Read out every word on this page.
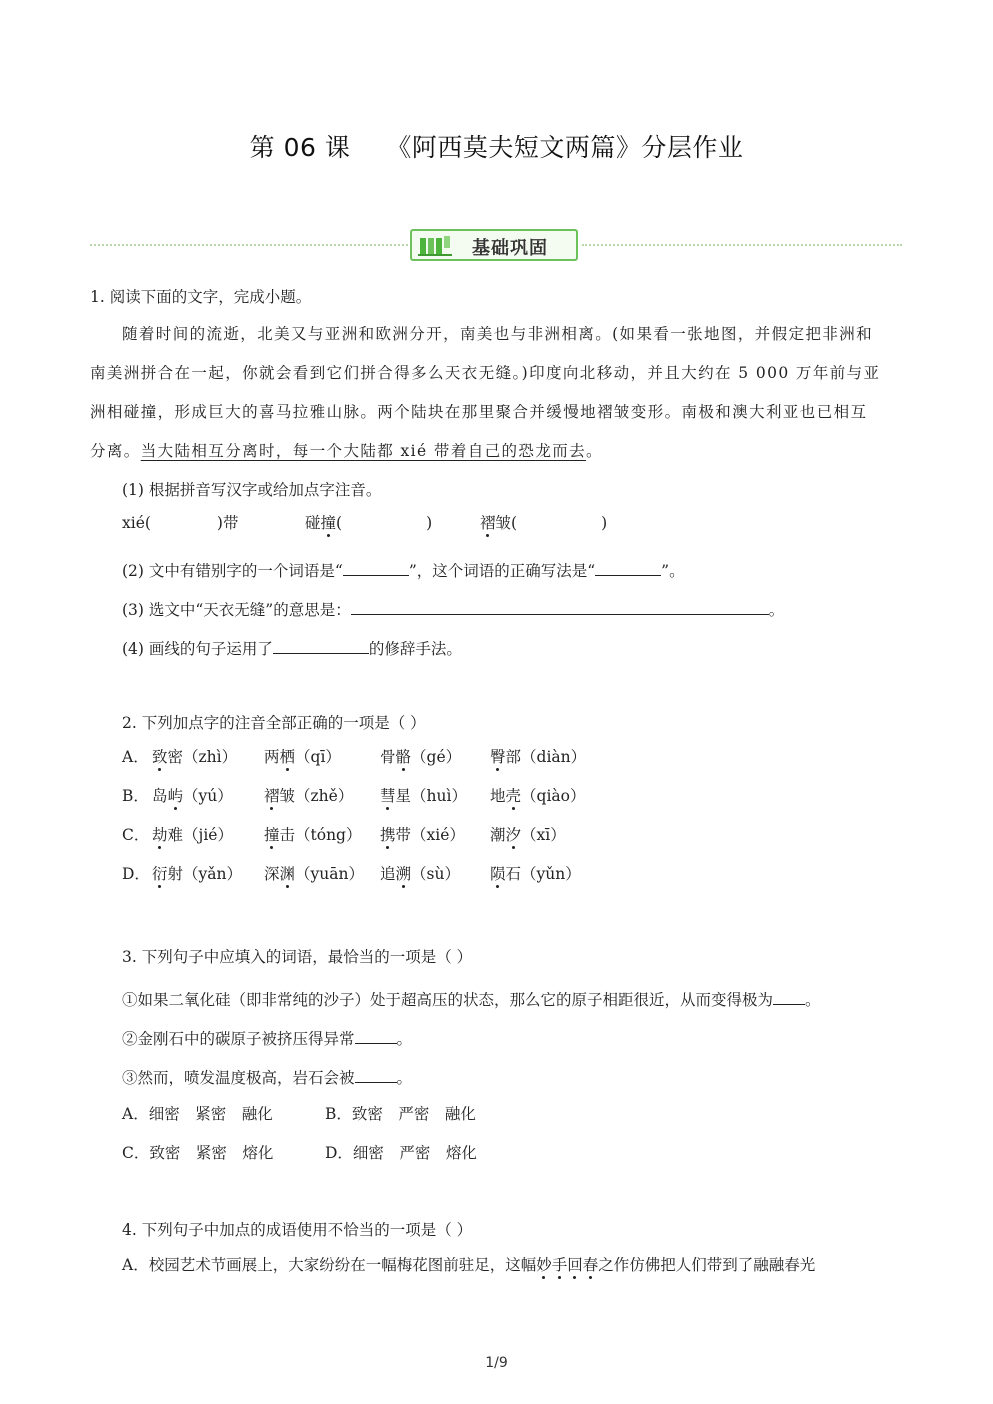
第 06 课 《阿西莫夫短文两篇》分层作业
基础巩固
1. 阅读下面的文字，完成小题。
随着时间的流逝，北美又与亚洲和欧洲分开，南美也与非洲相离。(如果看一张地图，并假定把非洲和
南美洲拼合在一起，你就会看到它们拼合得多么天衣无缝。)印度向北移动，并且大约在 5 000 万年前与亚
洲相碰撞，形成巨大的喜马拉雅山脉。两个陆块在那里聚合并缓慢地褶皱变形。南极和澳大利亚也已相互
分离。当大陆相互分离时，每一个大陆都 xié 带着自己的恐龙而去。
(1) 根据拼音写汉字或给加点字注音。
xié(	)带	碰撞(	)	褶皱(	)
(2) 文中有错别字的一个词语是“	”，这个词语的正确写法是“	”。
(3) 选文中“天衣无缝”的意思是：	。
(4) 画线的句子运用了	的修辞手法。
2. 下列加点字的注音全部正确的一项是（ ）
A． 致密（zhì） 两栖（qī）	骨骼（gé） 臀部（diàn）
B． 岛屿（yú） 褶皱（zhě） 彗星（huì） 地壳（qiào）
C． 劫难（jié） 撞击（tóng） 携带（xié） 潮汐（xī）
D． 衍射（yǎn） 深渊（yuān） 追溯（sù） 陨石（yǔn）
3. 下列句子中应填入的词语，最恰当的一项是（ ）
①如果二氧化硅（即非常纯的沙子）处于超高压的状态，那么它的原子相距很近，从而变得极为 。
②金刚石中的碳原子被挤压得异常	。
③然而，喷发温度极高，岩石会被	。
A．细密　紧密　融化	B．致密　严密　融化
C．致密　紧密　熔化	D．细密　严密　熔化
4. 下列句子中加点的成语使用不恰当的一项是（ ）
A．校园艺术节画展上，大家纷纷在一幅梅花图前驻足，这幅妙手回春之作仿佛把人们带到了融融春光
1/9
